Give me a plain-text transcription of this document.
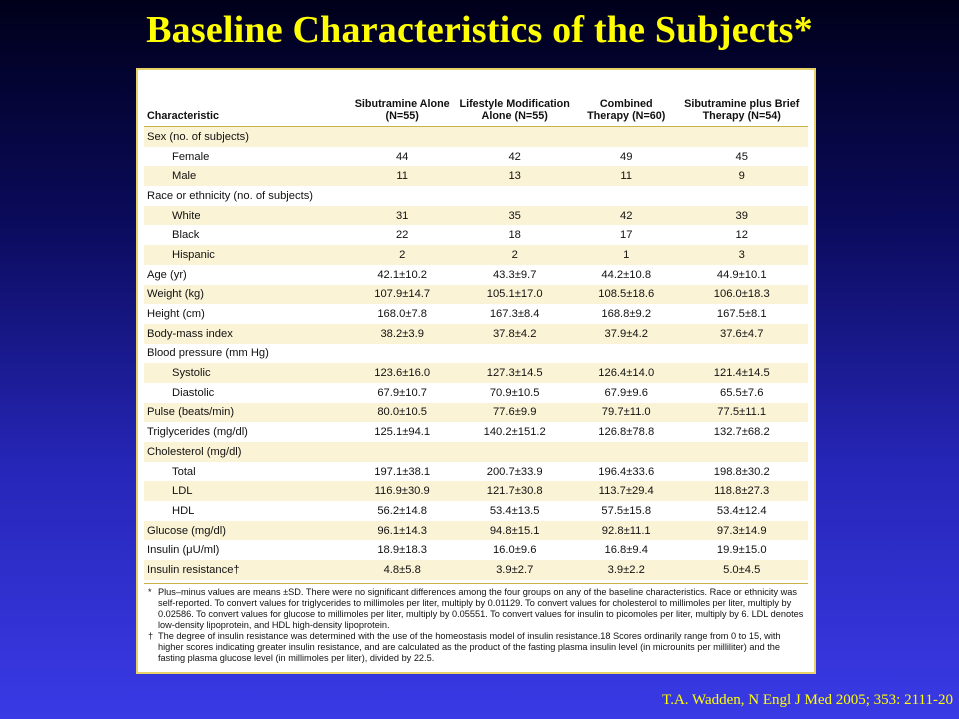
Baseline Characteristics of the Subjects*
Characteristic	Sibutramine Alone (N=55)	Lifestyle Modification Alone (N=55)	Combined Therapy (N=60)	Sibutramine plus Brief Therapy (N=54)
Sex (no. of subjects)				
Female	44	42	49	45
Male	11	13	11	9
Race or ethnicity (no. of subjects)				
White	31	35	42	39
Black	22	18	17	12
Hispanic	2	2	1	3
Age (yr)	42.1±10.2	43.3±9.7	44.2±10.8	44.9±10.1
Weight (kg)	107.9±14.7	105.1±17.0	108.5±18.6	106.0±18.3
Height (cm)	168.0±7.8	167.3±8.4	168.8±9.2	167.5±8.1
Body-mass index	38.2±3.9	37.8±4.2	37.9±4.2	37.6±4.7
Blood pressure (mm Hg)				
Systolic	123.6±16.0	127.3±14.5	126.4±14.0	121.4±14.5
Diastolic	67.9±10.7	70.9±10.5	67.9±9.6	65.5±7.6
Pulse (beats/min)	80.0±10.5	77.6±9.9	79.7±11.0	77.5±11.1
Triglycerides (mg/dl)	125.1±94.1	140.2±151.2	126.8±78.8	132.7±68.2
Cholesterol (mg/dl)				
Total	197.1±38.1	200.7±33.9	196.4±33.6	198.8±30.2
LDL	116.9±30.9	121.7±30.8	113.7±29.4	118.8±27.3
HDL	56.2±14.8	53.4±13.5	57.5±15.8	53.4±12.4
Glucose (mg/dl)	96.1±14.3	94.8±15.1	92.8±11.1	97.3±14.9
Insulin (μU/ml)	18.9±18.3	16.0±9.6	16.8±9.4	19.9±15.0
Insulin resistance†	4.8±5.8	3.9±2.7	3.9±2.2	5.0±4.5
* Plus–minus values are means ±SD. There were no significant differences among the four groups on any of the baseline characteristics. Race or ethnicity was self-reported. To convert values for triglycerides to millimoles per liter, multiply by 0.01129. To convert values for cholesterol to millimoles per liter, multiply by 0.02586. To convert values for glucose to millimoles per liter, multiply by 0.05551. To convert values for insulin to picomoles per liter, multiply by 6. LDL denotes low-density lipoprotein, and HDL high-density lipoprotein.
† The degree of insulin resistance was determined with the use of the homeostasis model of insulin resistance.18 Scores ordinarily range from 0 to 15, with higher scores indicating greater insulin resistance, and are calculated as the product of the fasting plasma insulin level (in microunits per milliliter) and the fasting plasma glucose level (in millimoles per liter), divided by 22.5.
T.A. Wadden, N Engl J Med 2005; 353: 2111-20
